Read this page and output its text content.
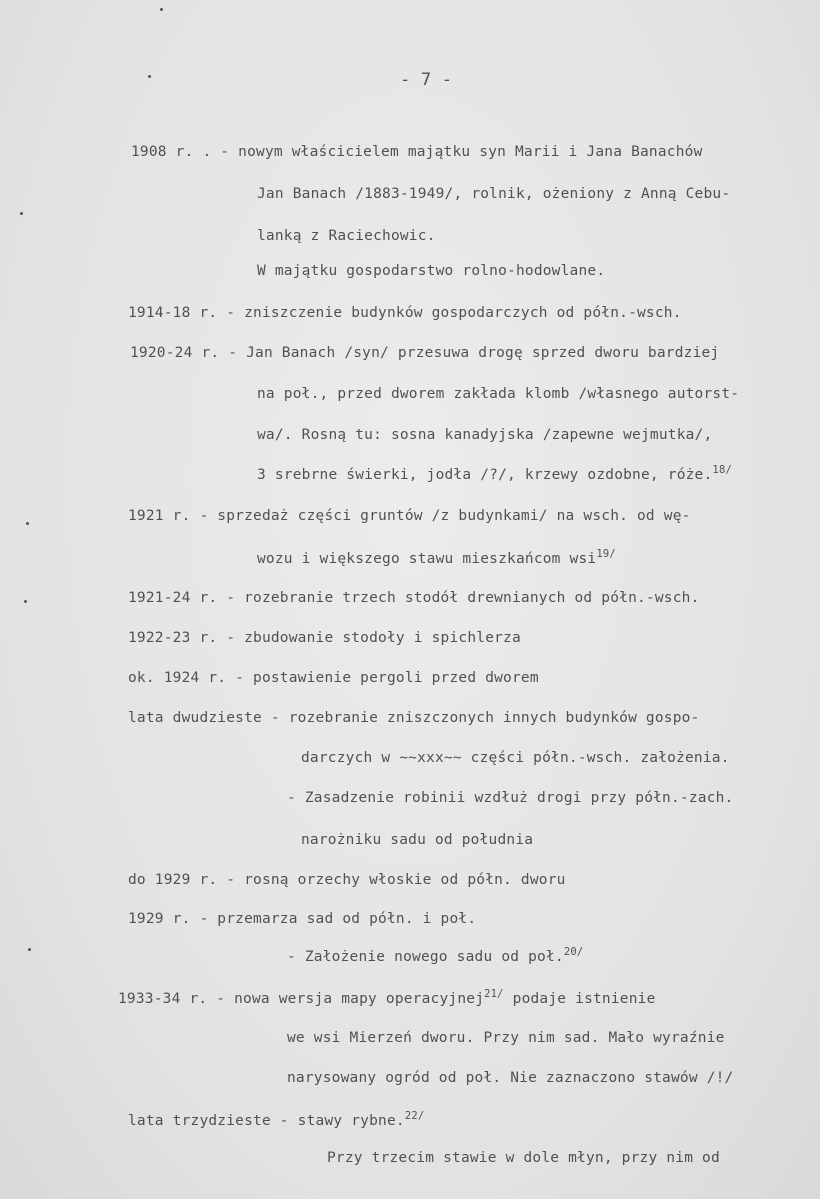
- 7 -
1908 r. . - nowym właścicielem majątku syn Marii i Jana Banachów
Jan Banach /1883-1949/, rolnik, ożeniony z Anną Cebu-
lanką z Raciechowic.
W majątku gospodarstwo rolno-hodowlane.
1914-18 r. - zniszczenie budynków gospodarczych od półn.-wsch.
1920-24 r. - Jan Banach /syn/ przesuwa drogę sprzed dworu bardziej
na poł., przed dworem zakłada klomb /własnego autorst-
wa/. Rosną tu: sosna kanadyjska /zapewne wejmutka/,
3 srebrne świerki, jodła /?/, krzewy ozdobne, róże.$^{18/}$
1921 r. - sprzedaż części gruntów /z budynkami/ na wsch. od wę-
wozu i większego stawu mieszkańcom wsi$^{19/}$
1921-24 r. - rozebranie trzech stodół drewnianych od półn.-wsch.
1922-23 r. - zbudowanie stodoły i spichlerza
ok. 1924 r. - postawienie pergoli przed dworem
lata dwudzieste - rozebranie zniszczonych innych budynków gospo-
darczych w ~~xxx~~ części półn.-wsch. założenia.
- Zasadzenie robinii wzdłuż drogi przy półn.-zach.
narożniku sadu od południa
do 1929 r. - rosną orzechy włoskie od półn. dworu
1929 r. - przemarza sad od półn. i poł.
- Założenie nowego sadu od poł.$^{20/}$
1933-34 r. - nowa wersja mapy operacyjnej$^{21/}$ podaje istnienie
we wsi Mierzeń dworu. Przy nim sad. Mało wyraźnie
narysowany ogród od poł. Nie zaznaczono stawów /!/
lata trzydzieste - stawy rybne.$^{22/}$
Przy trzecim stawie w dole młyn, przy nim od
